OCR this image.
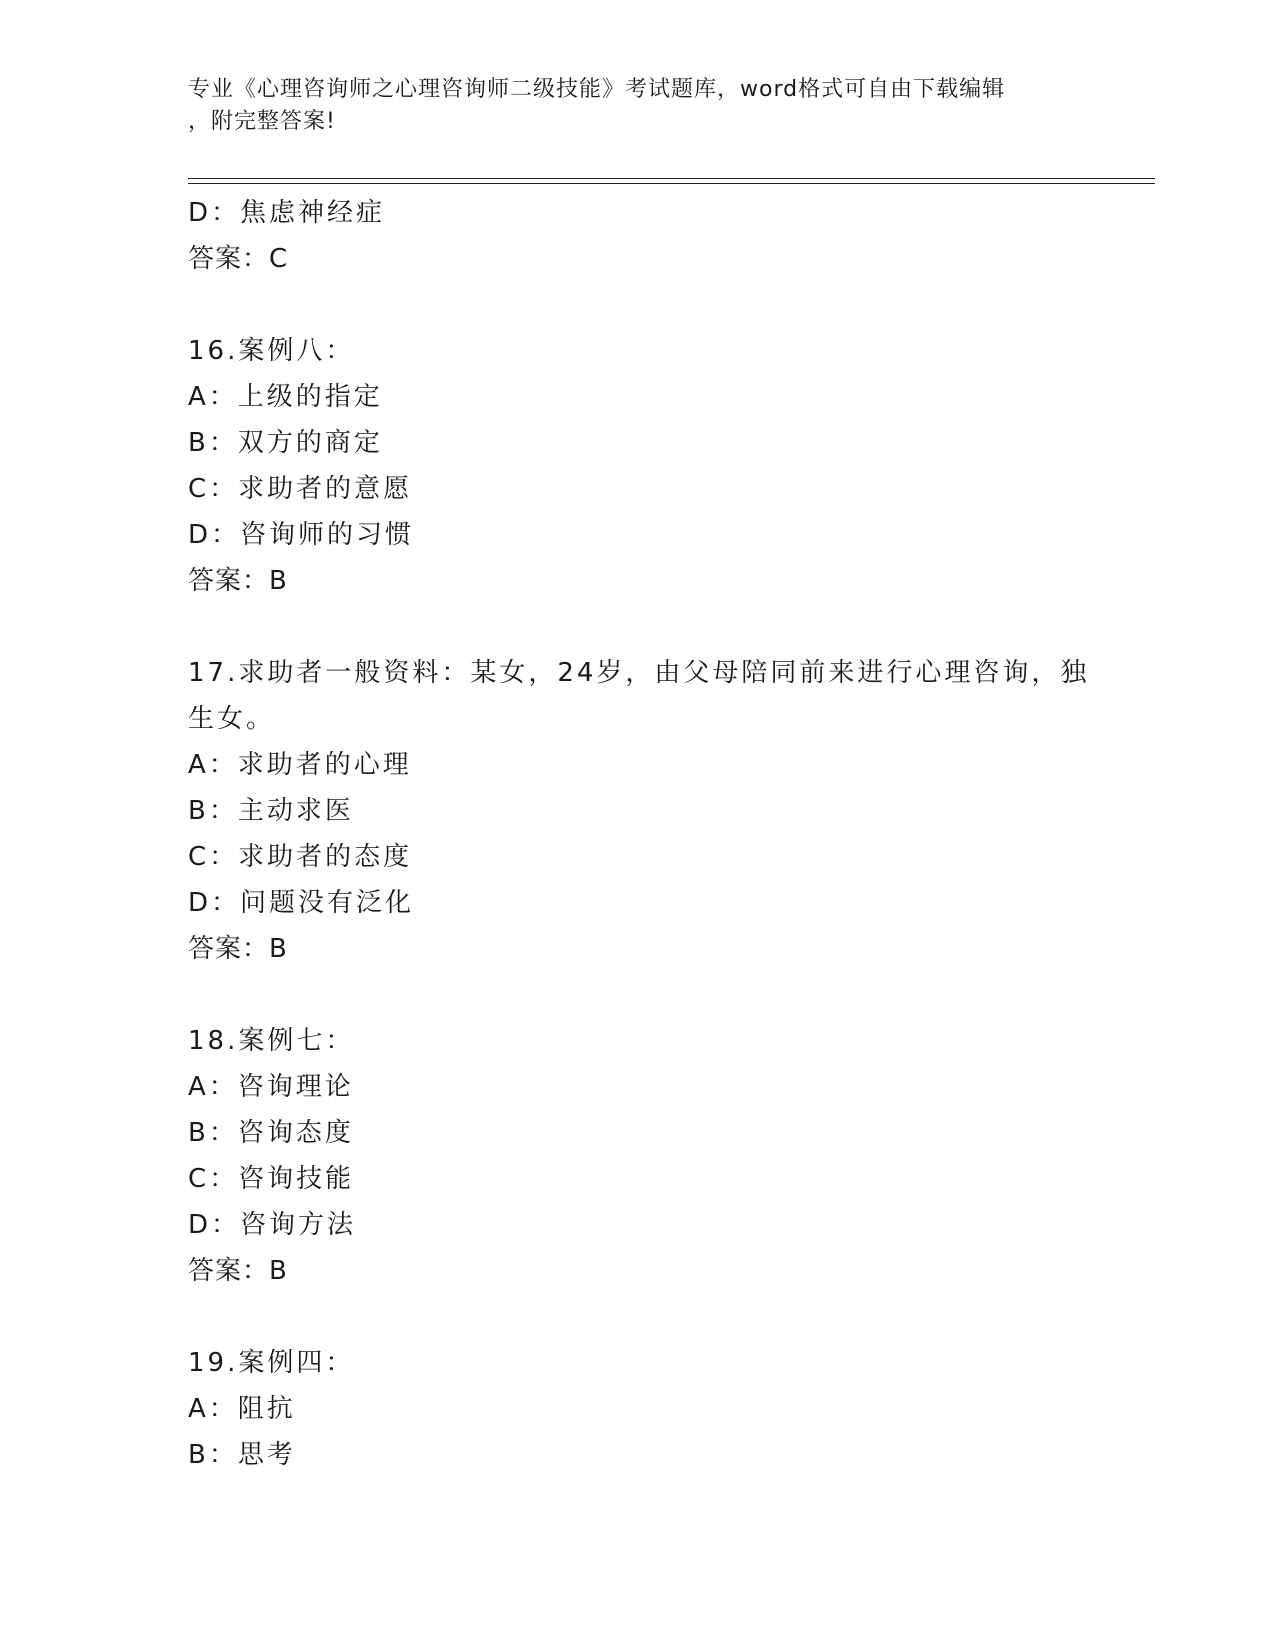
专业《心理咨询师之心理咨询师二级技能》考试题库，word格式可自由下载编辑
，附完整答案!
D：焦虑神经症
答案：C
16.案例八：
A：上级的指定
B：双方的商定
C：求助者的意愿
D：咨询师的习惯
答案：B
17.求助者一般资料：某女，24岁，由父母陪同前来进行心理咨询，独
生女。
A：求助者的心理
B：主动求医
C：求助者的态度
D：问题没有泛化
答案：B
18.案例七：
A：咨询理论
B：咨询态度
C：咨询技能
D：咨询方法
答案：B
19.案例四：
A：阻抗
B：思考
